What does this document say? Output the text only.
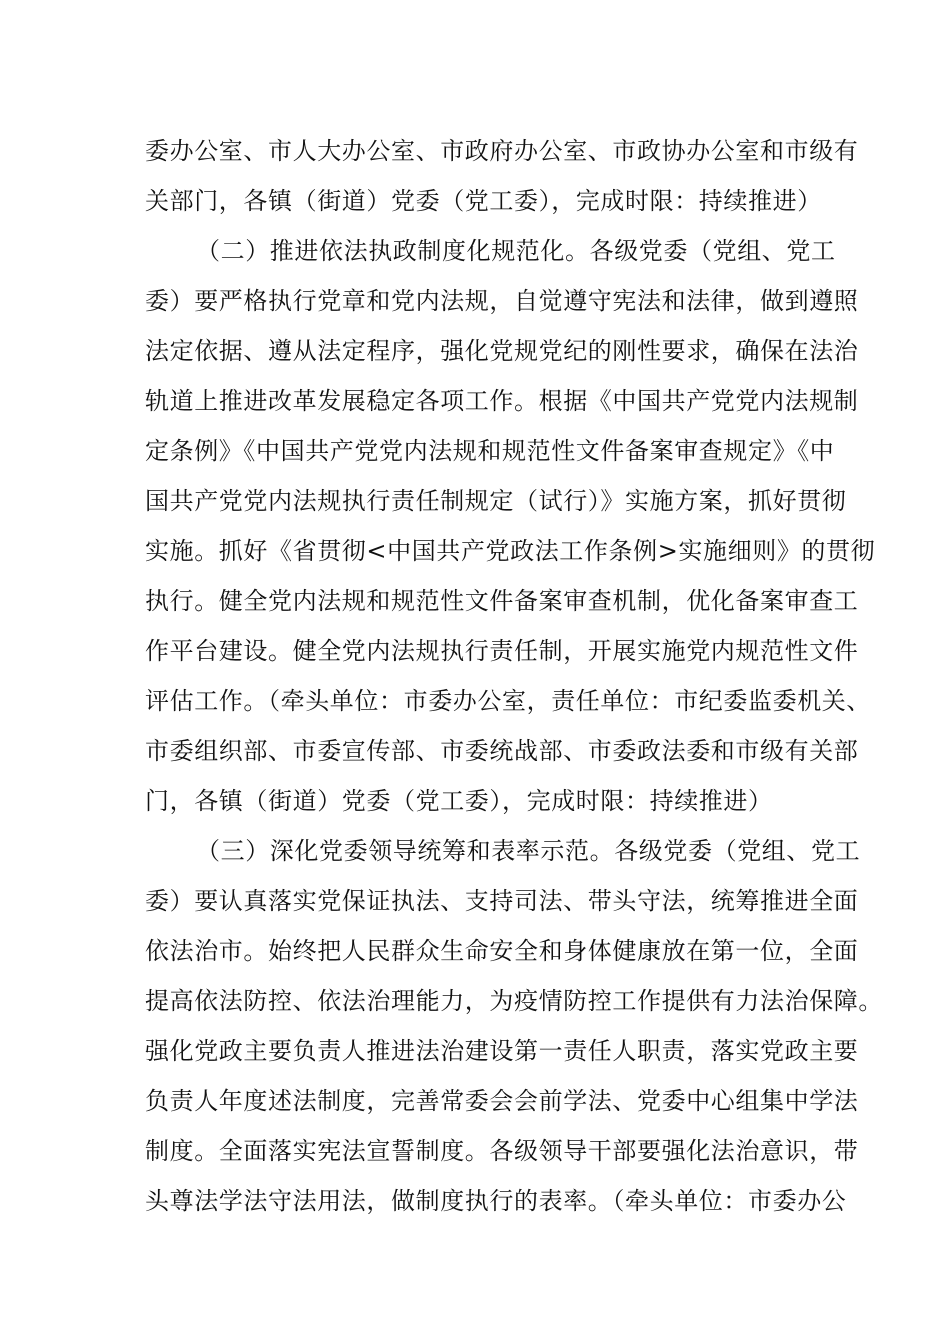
委办公室、市人大办公室、市政府办公室、市政协办公室和市级有
关部门，各镇（街道）党委（党工委），完成时限：持续推进）
（二）推进依法执政制度化规范化。各级党委（党组、党工
委）要严格执行党章和党内法规，自觉遵守宪法和法律，做到遵照
法定依据、遵从法定程序，强化党规党纪的刚性要求，确保在法治
轨道上推进改革发展稳定各项工作。根据《中国共产党党内法规制
定条例》《中国共产党党内法规和规范性文件备案审查规定》《中
国共产党党内法规执行责任制规定（试行）》实施方案，抓好贯彻
实施。抓好《省贯彻<中国共产党政法工作条例>实施细则》的贯彻
执行。健全党内法规和规范性文件备案审查机制，优化备案审查工
作平台建设。健全党内法规执行责任制，开展实施党内规范性文件
评估工作。（牵头单位：市委办公室，责任单位：市纪委监委机关、
市委组织部、市委宣传部、市委统战部、市委政法委和市级有关部
门，各镇（街道）党委（党工委），完成时限：持续推进）
（三）深化党委领导统筹和表率示范。各级党委（党组、党工
委）要认真落实党保证执法、支持司法、带头守法，统筹推进全面
依法治市。始终把人民群众生命安全和身体健康放在第一位，全面
提高依法防控、依法治理能力，为疫情防控工作提供有力法治保障。
强化党政主要负责人推进法治建设第一责任人职责，落实党政主要
负责人年度述法制度，完善常委会会前学法、党委中心组集中学法
制度。全面落实宪法宣誓制度。各级领导干部要强化法治意识，带
头尊法学法守法用法，做制度执行的表率。（牵头单位：市委办公
